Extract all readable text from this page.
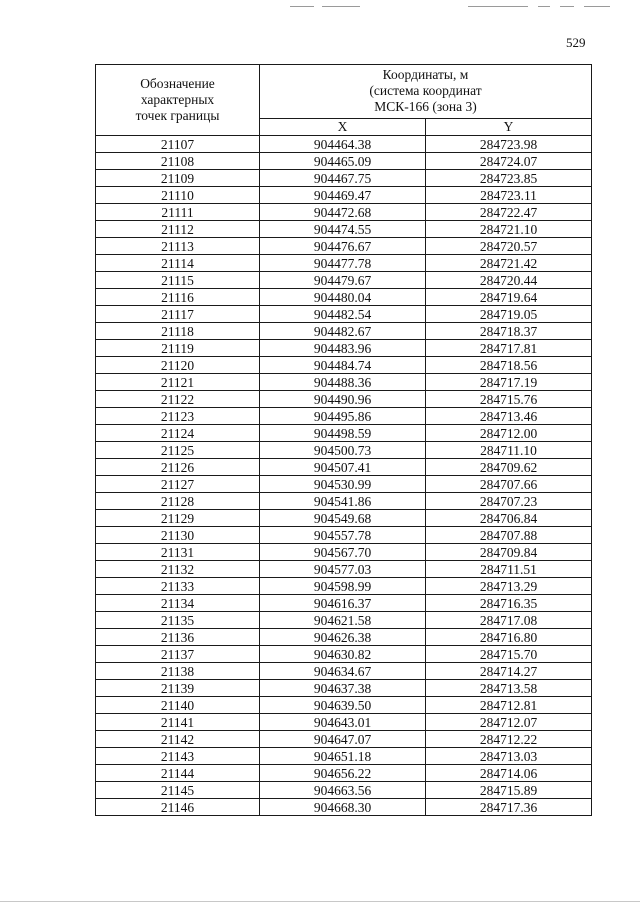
529
Обозначение
характерных
точек границы	Координаты, м
(система координат
МСК-166 (зона 3)	

	X	Y
21107	904464.38	284723.98
21108	904465.09	284724.07
21109	904467.75	284723.85
21110	904469.47	284723.11
21111	904472.68	284722.47
21112	904474.55	284721.10
21113	904476.67	284720.57
21114	904477.78	284721.42
21115	904479.67	284720.44
21116	904480.04	284719.64
21117	904482.54	284719.05
21118	904482.67	284718.37
21119	904483.96	284717.81
21120	904484.74	284718.56
21121	904488.36	284717.19
21122	904490.96	284715.76
21123	904495.86	284713.46
21124	904498.59	284712.00
21125	904500.73	284711.10
21126	904507.41	284709.62
21127	904530.99	284707.66
21128	904541.86	284707.23
21129	904549.68	284706.84
21130	904557.78	284707.88
21131	904567.70	284709.84
21132	904577.03	284711.51
21133	904598.99	284713.29
21134	904616.37	284716.35
21135	904621.58	284717.08
21136	904626.38	284716.80
21137	904630.82	284715.70
21138	904634.67	284714.27
21139	904637.38	284713.58
21140	904639.50	284712.81
21141	904643.01	284712.07
21142	904647.07	284712.22
21143	904651.18	284713.03
21144	904656.22	284714.06
21145	904663.56	284715.89
21146	904668.30	284717.36
